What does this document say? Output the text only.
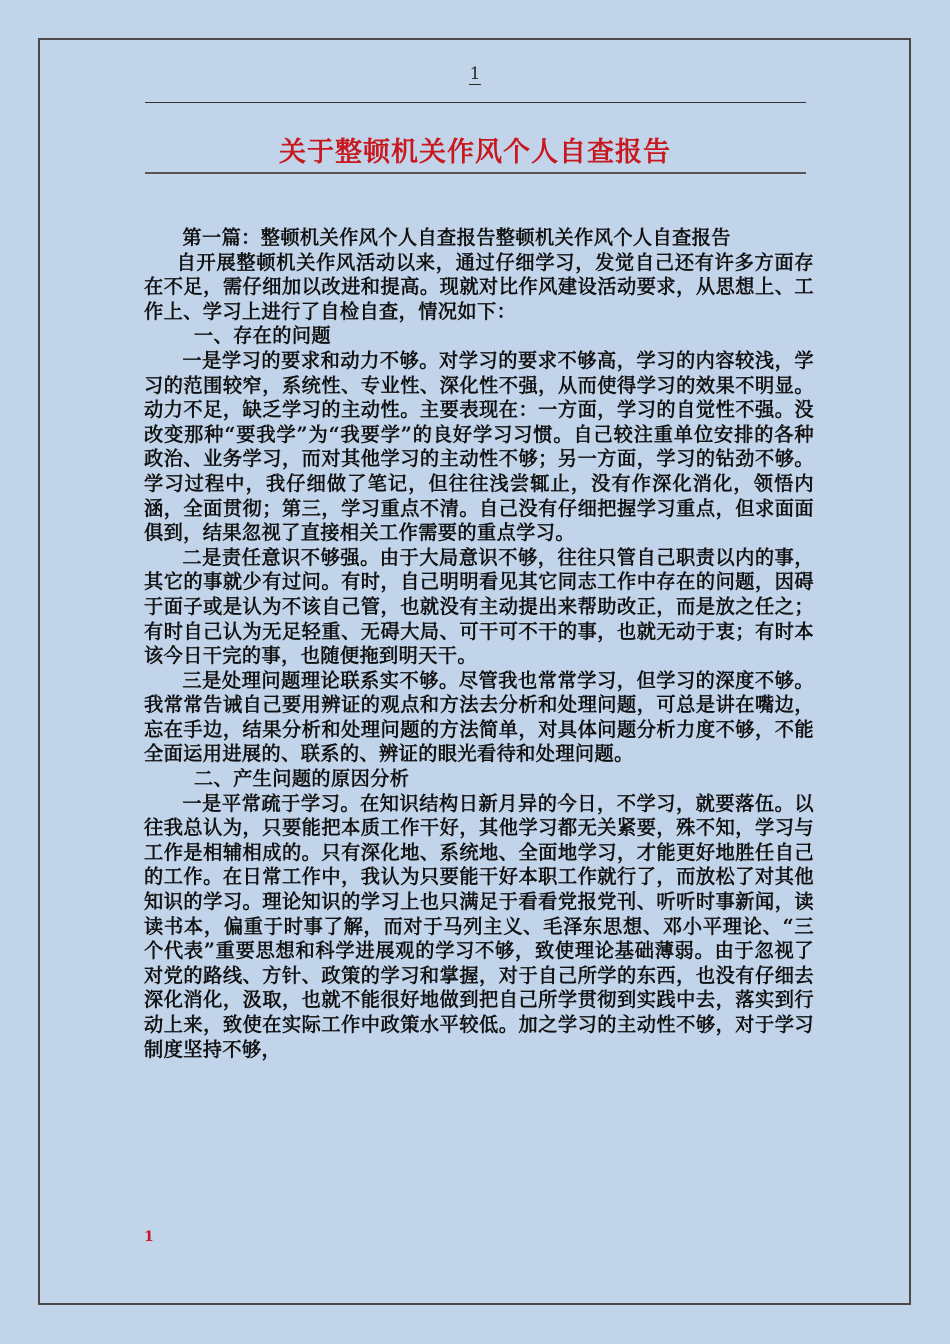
1
关于整顿机关作风个人自查报告

第一篇：整顿机关作风个人自查报告整顿机关作风个人自查报告

自开展整顿机关作风活动以来，通过仔细学习，发觉自己还有许多方面存在不足，需仔细加以改进和提高。现就对比作风建设活动要求，从思想上、工作上、学习上进行了自检自查，情况如下：

一、存在的问题

一是学习的要求和动力不够。对学习的要求不够高，学习的内容较浅，学习的范围较窄，系统性、专业性、深化性不强，从而使得学习的效果不明显。动力不足，缺乏学习的主动性。主要表现在：一方面，学习的自觉性不强。没改变那种“要我学”为“我要学”的良好学习习惯。自己较注重单位安排的各种政治、业务学习，而对其他学习的主动性不够；另一方面，学习的钻劲不够。学习过程中，我仔细做了笔记，但往往浅尝辄止，没有作深化消化，领悟内涵，全面贯彻；第三，学习重点不清。自己没有仔细把握学习重点，但求面面俱到，结果忽视了直接相关工作需要的重点学习。

二是责任意识不够强。由于大局意识不够，往往只管自己职责以内的事，其它的事就少有过问。有时，自己明明看见其它同志工作中存在的问题，因碍于面子或是认为不该自己管，也就没有主动提出来帮助改正，而是放之任之；有时自己认为无足轻重、无碍大局、可干可不干的事，也就无动于衷；有时本该今日干完的事，也随便拖到明天干。

三是处理问题理论联系实不够。尽管我也常常学习，但学习的深度不够。我常常告诫自己要用辨证的观点和方法去分析和处理问题，可总是讲在嘴边，忘在手边，结果分析和处理问题的方法简单，对具体问题分析力度不够，不能全面运用进展的、联系的、辨证的眼光看待和处理问题。

二、产生问题的原因分析

一是平常疏于学习。在知识结构日新月异的今日，不学习，就要落伍。以往我总认为，只要能把本质工作干好，其他学习都无关紧要，殊不知，学习与工作是相辅相成的。只有深化地、系统地、全面地学习，才能更好地胜任自己的工作。在日常工作中，我认为只要能干好本职工作就行了，而放松了对其他知识的学习。理论知识的学习上也只满足于看看党报党刊、听听时事新闻，读读书本，偏重于时事了解，而对于马列主义、毛泽东思想、邓小平理论、“三个代表”重要思想和科学进展观的学习不够，致使理论基础薄弱。由于忽视了对党的路线、方针、政策的学习和掌握，对于自己所学的东西，也没有仔细去深化消化，汲取，也就不能很好地做到把自己所学贯彻到实践中去，落实到行动上来，致使在实际工作中政策水平较低。加之学习的主动性不够，对于学习制度坚持不够，

1
